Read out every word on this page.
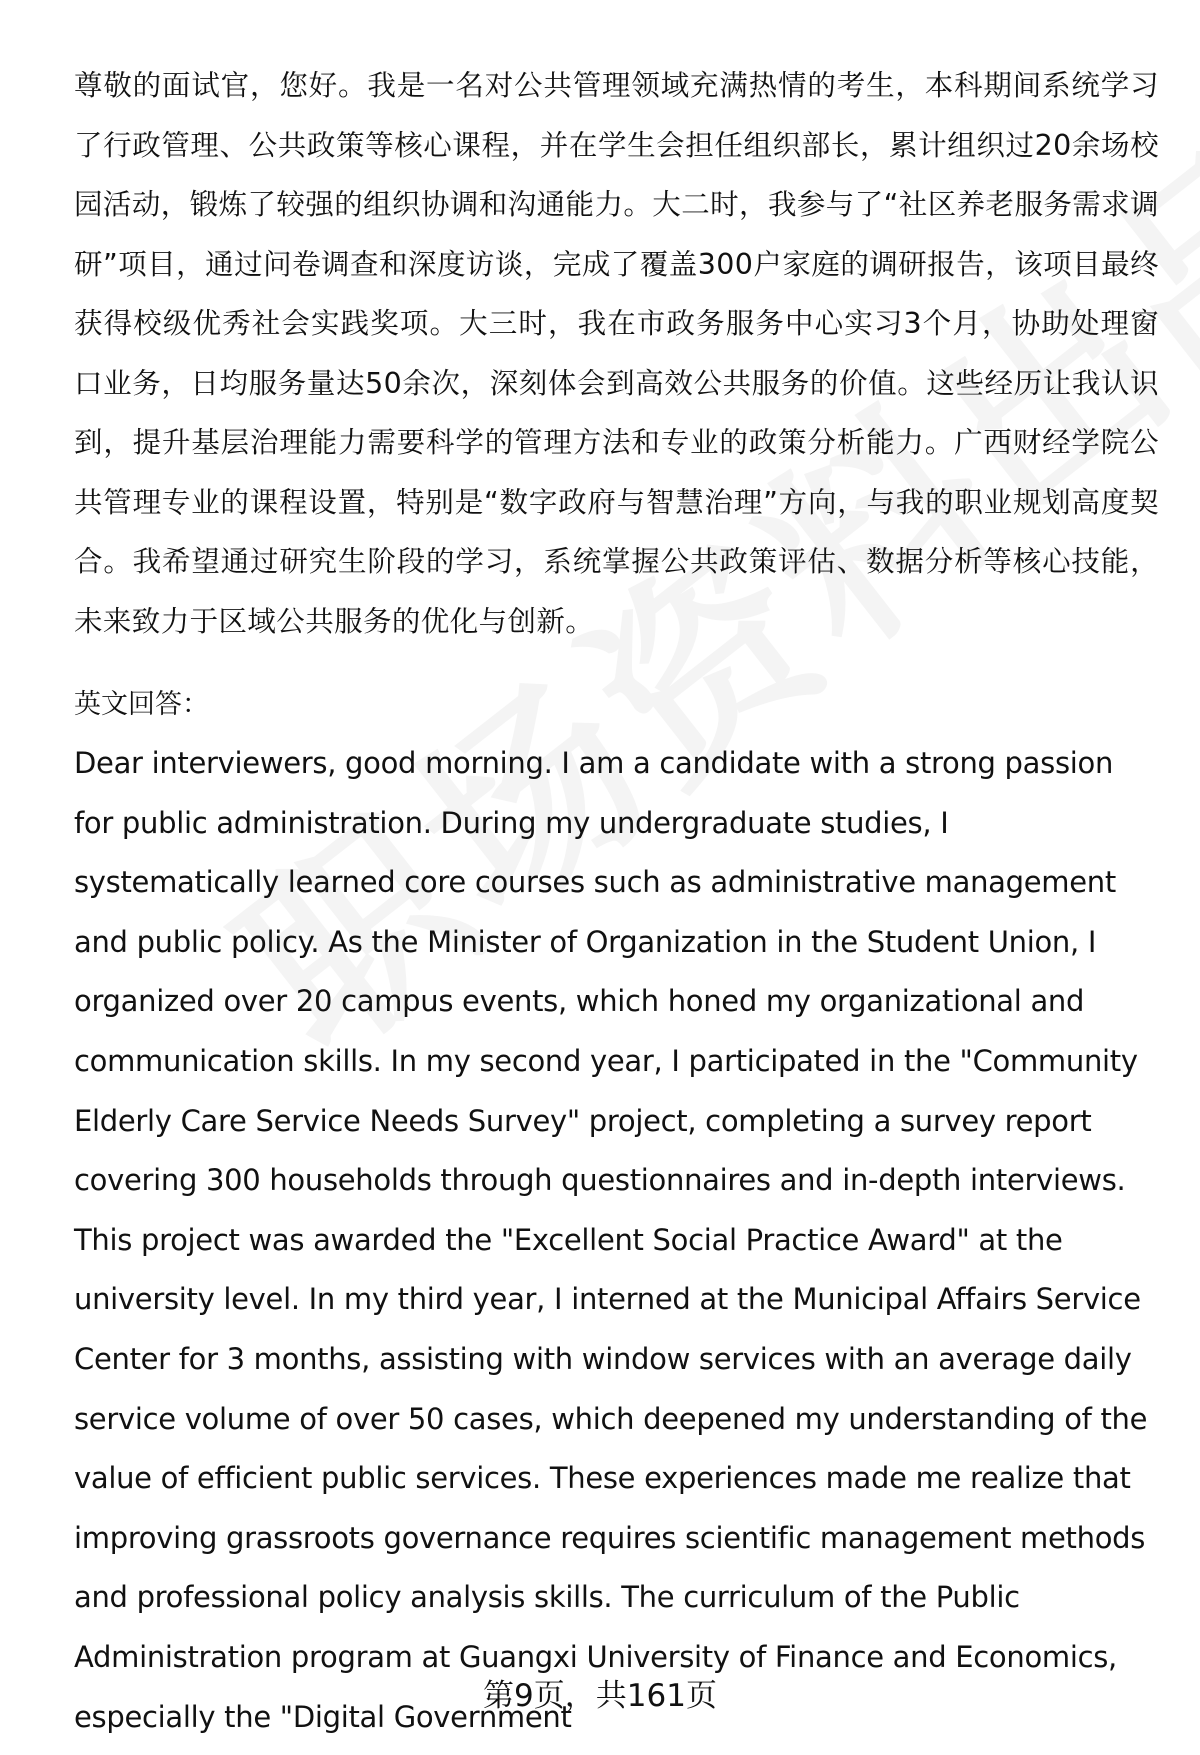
尊敬的面试官，您好。我是一名对公共管理领域充满热情的考生，本科期间系统学习了行政管理、公共政策等核心课程，并在学生会担任组织部长，累计组织过20余场校园活动，锻炼了较强的组织协调和沟通能力。大二时，我参与了“社区养老服务需求调研”项目，通过问卷调查和深度访谈，完成了覆盖300户家庭的调研报告，该项目最终获得校级优秀社会实践奖项。大三时，我在市政务服务中心实习3个月，协助处理窗口业务，日均服务量达50余次，深刻体会到高效公共服务的价值。这些经历让我认识到，提升基层治理能力需要科学的管理方法和专业的政策分析能力。广西财经学院公共管理专业的课程设置，特别是“数字政府与智慧治理”方向，与我的职业规划高度契合。我希望通过研究生阶段的学习，系统掌握公共政策评估、数据分析等核心技能，未来致力于区域公共服务的优化与创新。

英文回答：

Dear interviewers, good morning. I am a candidate with a strong passion for public administration. During my undergraduate studies, I systematically learned core courses such as administrative management and public policy. As the Minister of Organization in the Student Union, I organized over 20 campus events, which honed my organizational and communication skills. In my second year, I participated in the "Community Elderly Care Service Needs Survey" project, completing a survey report covering 300 households through questionnaires and in-depth interviews. This project was awarded the "Excellent Social Practice Award" at the university level. In my third year, I interned at the Municipal Affairs Service Center for 3 months, assisting with window services with an average daily service volume of over 50 cases, which deepened my understanding of the value of efficient public services. These experiences made me realize that improving grassroots governance requires scientific management methods and professional policy analysis skills. The curriculum of the Public Administration program at Guangxi University of Finance and Economics, especially the "Digital Government

第9页，共161页
